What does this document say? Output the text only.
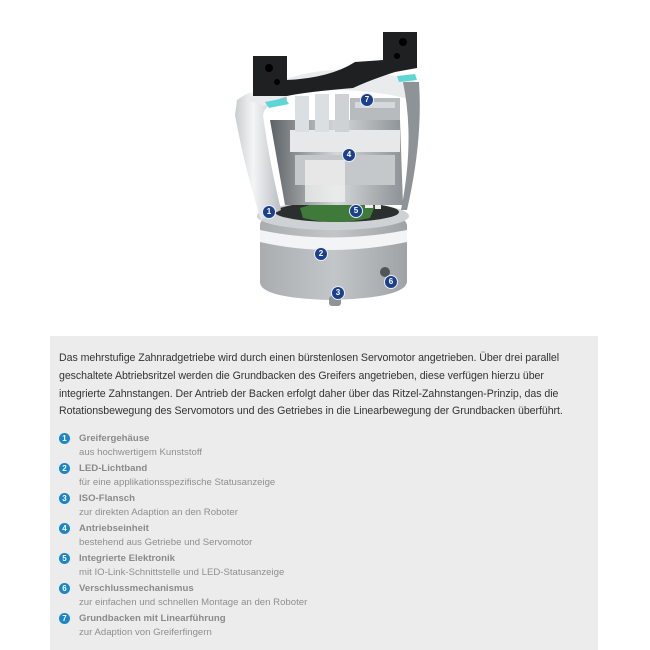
1
2
3
4
5
6
7

Das mehrstufige Zahnradgetriebe wird durch einen bürstenlosen Servomotor angetrieben. Über drei parallel geschaltete Abtriebsritzel werden die Grundbacken des Greifers angetrieben, diese verfügen hierzu über integrierte Zahnstangen. Der Antrieb der Backen erfolgt daher über das Ritzel-Zahnstangen-Prinzip, das die Rotationsbewegung des Servomotors und des Getriebes in die Linearbewegung der Grundbacken überführt.

1	Greifergehäuse
aus hochwertigem Kunststoff
2	LED-Lichtband
für eine applikationsspezifische Statusanzeige
3	ISO-Flansch
zur direkten Adaption an den Roboter
4	Antriebseinheit
bestehend aus Getriebe und Servomotor
5	Integrierte Elektronik
mit IO-Link-Schnittstelle und LED-Statusanzeige
6	Verschlussmechanismus
zur einfachen und schnellen Montage an den Roboter
7	Grundbacken mit Linearführung
zur Adaption von Greiferfingern
